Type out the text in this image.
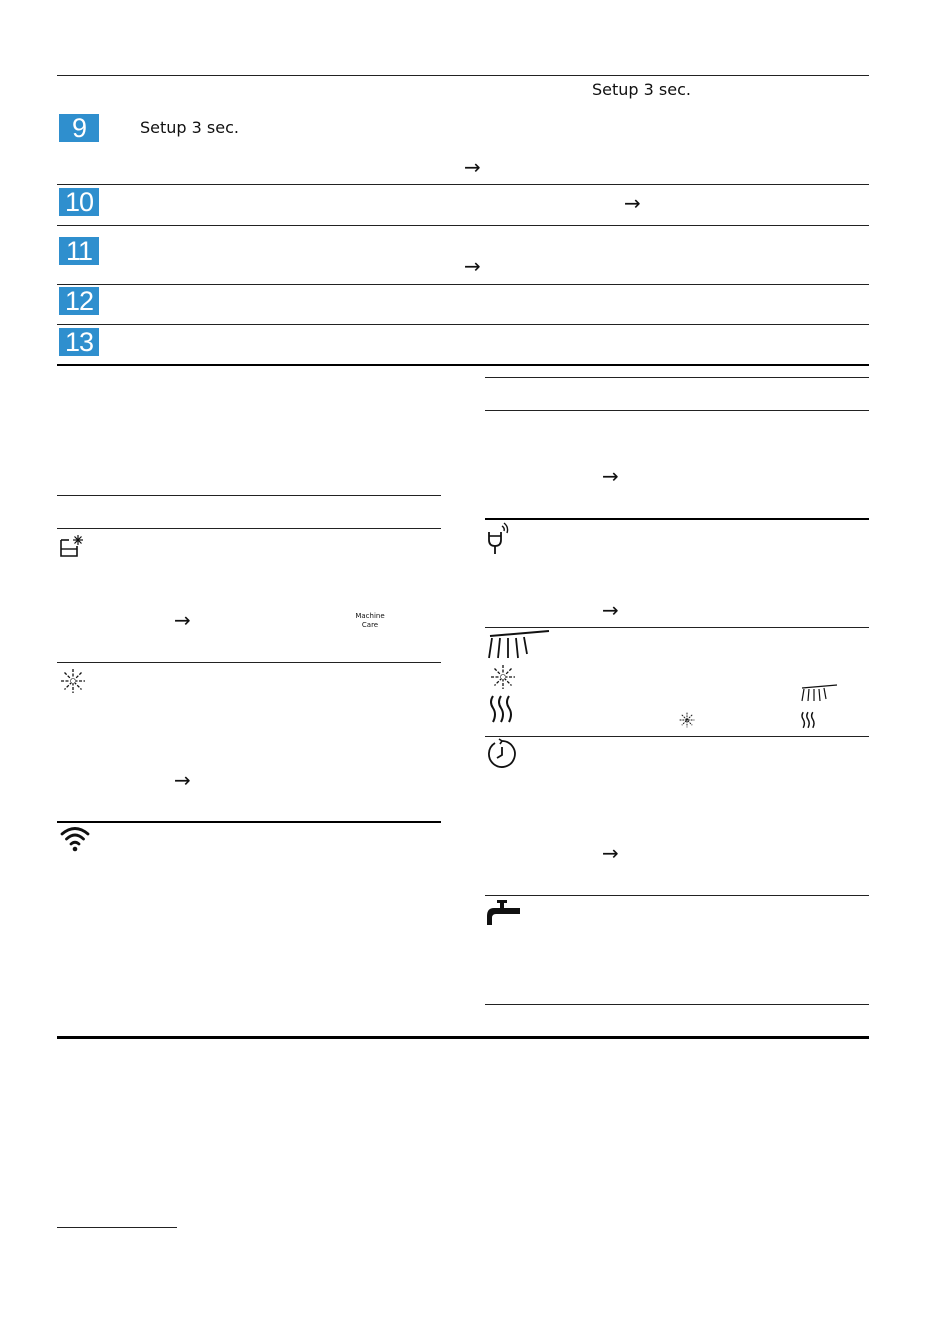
Setup 3 sec.
9	Setup 3 sec.
→
10	→
11	→
12
13
→	Machine
Care
→
→
→
→
